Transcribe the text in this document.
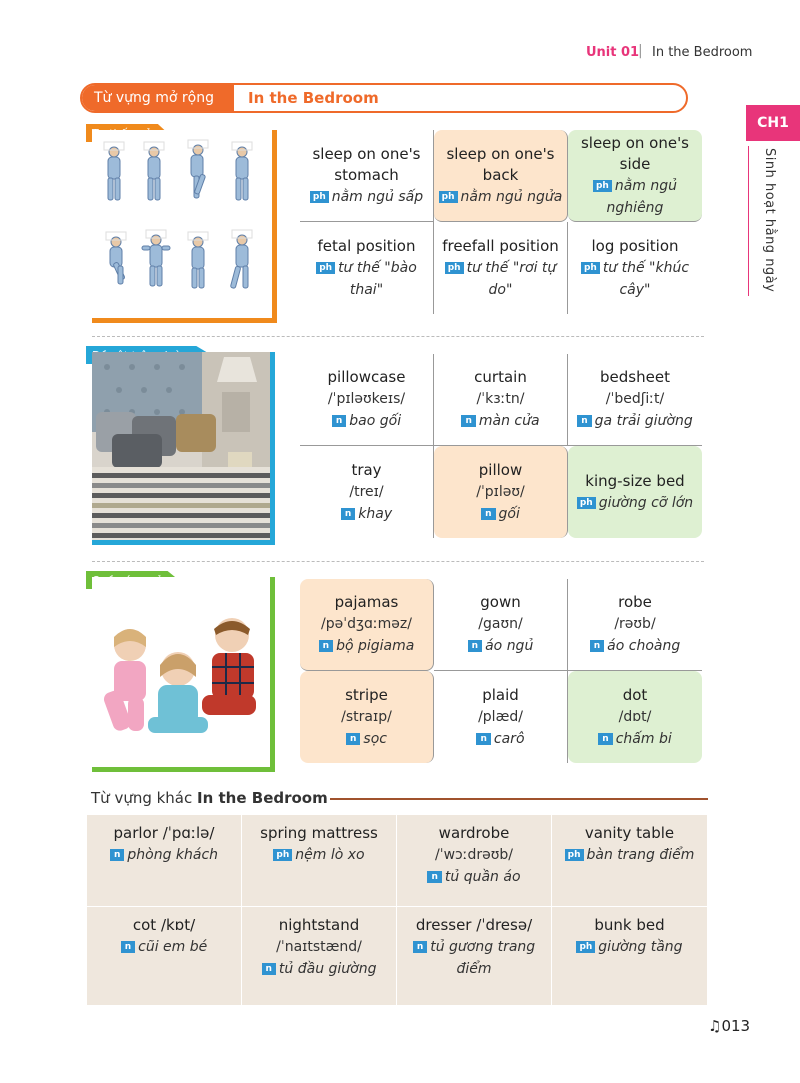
Unit 01
| In the Bedroom
CH1
Sinh hoạt hằng ngày
Từ vựng mở rộng	In the Bedroom
sleep on one's stomach
ph nằm ngủ sấp
sleep on one's back
ph nằm ngủ ngửa
sleep on one's side
ph nằm ngủ nghiêng
fetal position
ph tư thế "bào thai"
freefall position
ph tư thế "rơi tự do"
log position
ph tư thế "khúc cây"
pillowcase
/ˈpɪləʊkeɪs/
n bao gối
curtain
/ˈkɜːtn/
n màn cửa
bedsheet
/ˈbedʃiːt/
n ga trải giường
tray
/treɪ/
n khay
pillow
/ˈpɪləʊ/
n gối
king-size bed
ph giường cỡ lớn
pajamas
/pəˈdʒɑːməz/
n bộ pigiama
gown
/gaʊn/
n áo ngủ
robe
/rəʊb/
n áo choàng
stripe
/straɪp/
n sọc
plaid
/plæd/
n carô
dot
/dɒt/
n chấm bi
Từ vựng khác In the Bedroom
parlor /ˈpɑːlə/
n phòng khách
spring mattress
ph nệm lò xo
wardrobe
/ˈwɔːdrəʊb/
n tủ quần áo
vanity table
ph bàn trang điểm
cot /kɒt/
n cũi em bé
nightstand
/ˈnaɪtstænd/
n tủ đầu giường
dresser /ˈdresə/
n tủ gương trang điểm
bunk bed
ph giường tầng
♫013
